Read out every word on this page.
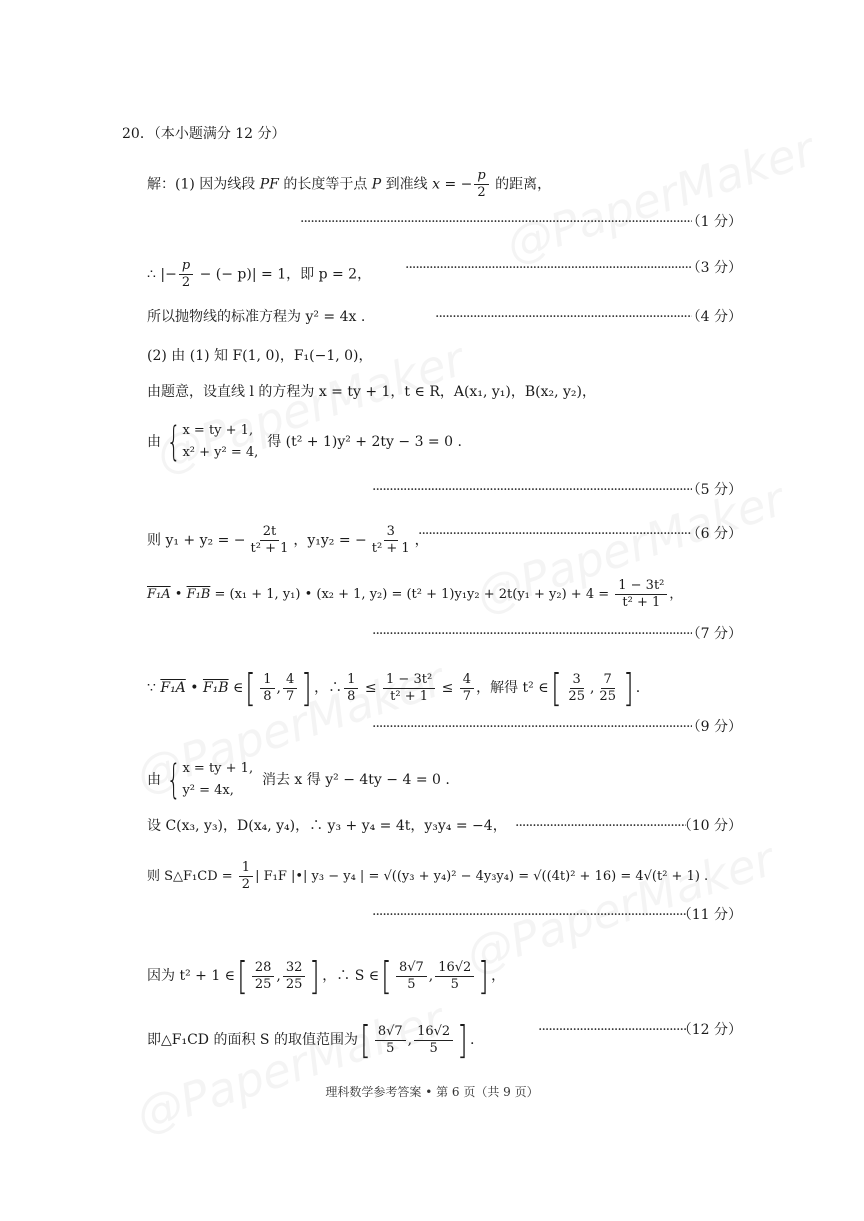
20．（本小题满分 12 分）
解：(1) 因为线段 PF 的长度等于点 P 到准线 x = − $\frac{p}{2}$ 的距离，
·····
（1 分）
∴ |− $\frac{p}{2}$ − (− p)| = 1，即 p = 2， ·····	（3 分）
所以抛物线的标准方程为 y² = 4x . ·····	（4 分）
(2) 由 (1) 知 F(1, 0)，F₁(−1, 0)，
由题意，设直线 l 的方程为 x = ty + 1，t ∈ R，A(x₁, y₁)，B(x₂, y₂)，
由 { x = ty + 1,
x² + y² = 4,
得 (t² + 1)y² + 2ty − 3 = 0 .
·····
（5 分）
则 y₁ + y₂ = − $\frac{2t}{\text{t² + 1}}$ ，y₁y₂ = − $\frac{3}{\text{t² + 1}}$ ， ·····	（6 分）
F₁A • F₁B = (x₁ + 1, y₁) • (x₂ + 1, $y_2) = (t^2 + 1)y_1y_2 + 2t(y_1 + y_2) + 4 = \frac{\text{1 − 3t²}}{\text{t² + 1}}$ ，
·····
（7 分）
∵ F₁A • F₁B ∈[ $\frac{1}{8}$ , $\frac{4}{7}$ ] ，∴ $\frac{1}{8} \le \frac{\text{1 − 3t²}}{\text{t² + 1}} \le \frac{4}{7}$ ，解得 t² ∈[ $\frac{3}{25}$ , $\frac{7}{25}$ ] .
·····
（9 分）
由 { x = ty + 1,
y² = 4x,
消去 x 得 y² − 4ty − 4 = 0 .
设 C(x₃, y₃)，D(x₄, y₄)，∴ y₃ + y₄ = 4t，y₃y₄ = −4， ·····	（10 分）
则 S△F₁CD = $\frac{1}{2}$ | F₁F |•| y₃ − y₄ | = √((y₃ + y₄)² − 4y₃y₄) = √((4t)² + 16) = 4√(t² + 1) .
·····
（11 分）
因为 t² + 1 ∈[ $\frac{28}{25}$ , $\frac{32}{25}$ ] ，∴ S ∈[ $\frac{8√7}{5}$ , $\frac{16√2}{5}$ ] ，
即△F₁CD 的面积 S 的取值范围为[ $\frac{8√7}{5}$ , $\frac{16√2}{5}$ ] .
·····
（12 分）
理科数学参考答案 • 第 6 页（共 9 页）
